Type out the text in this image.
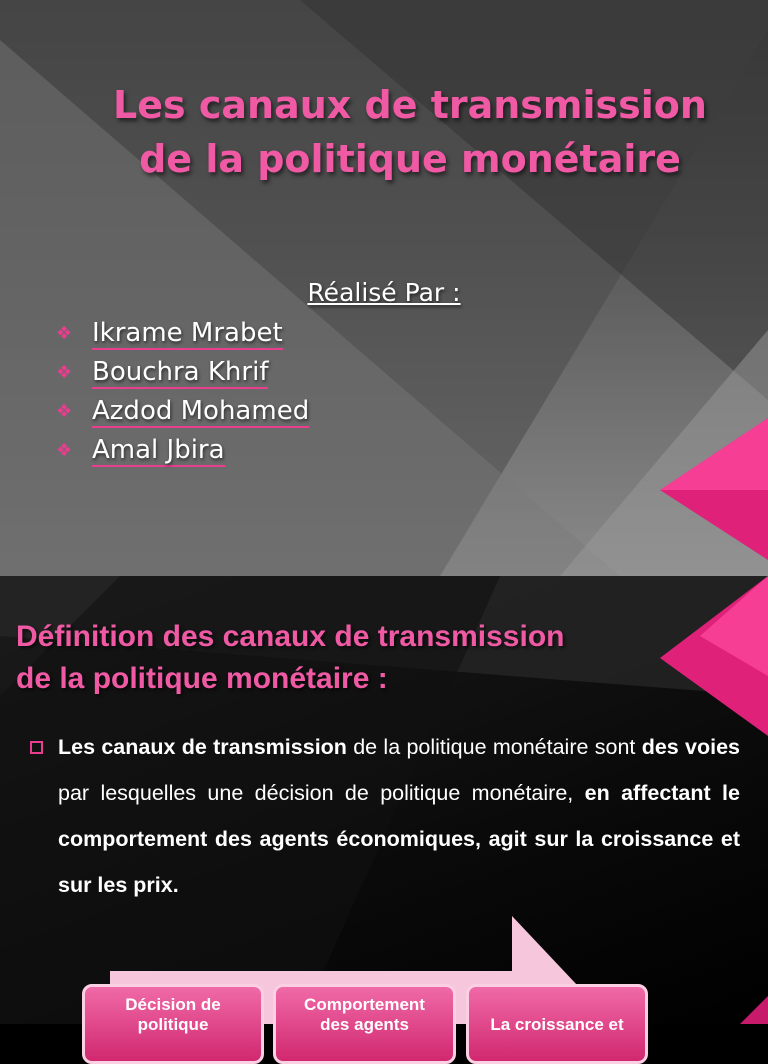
Les canaux de transmission
de la politique monétaire
Réalisé Par :
❖ Ikrame Mrabet
❖ Bouchra Khrif
❖ Azdod Mohamed
❖ Amal Jbira
Définition des canaux de transmission
de la politique monétaire :

Les canaux de transmission de la politique monétaire sont des voies par lesquelles une décision de politique monétaire, en affectant le comportement des agents économiques, agit sur la croissance et sur les prix.

Décision de
politique
Comportement
des agents	La croissance et
